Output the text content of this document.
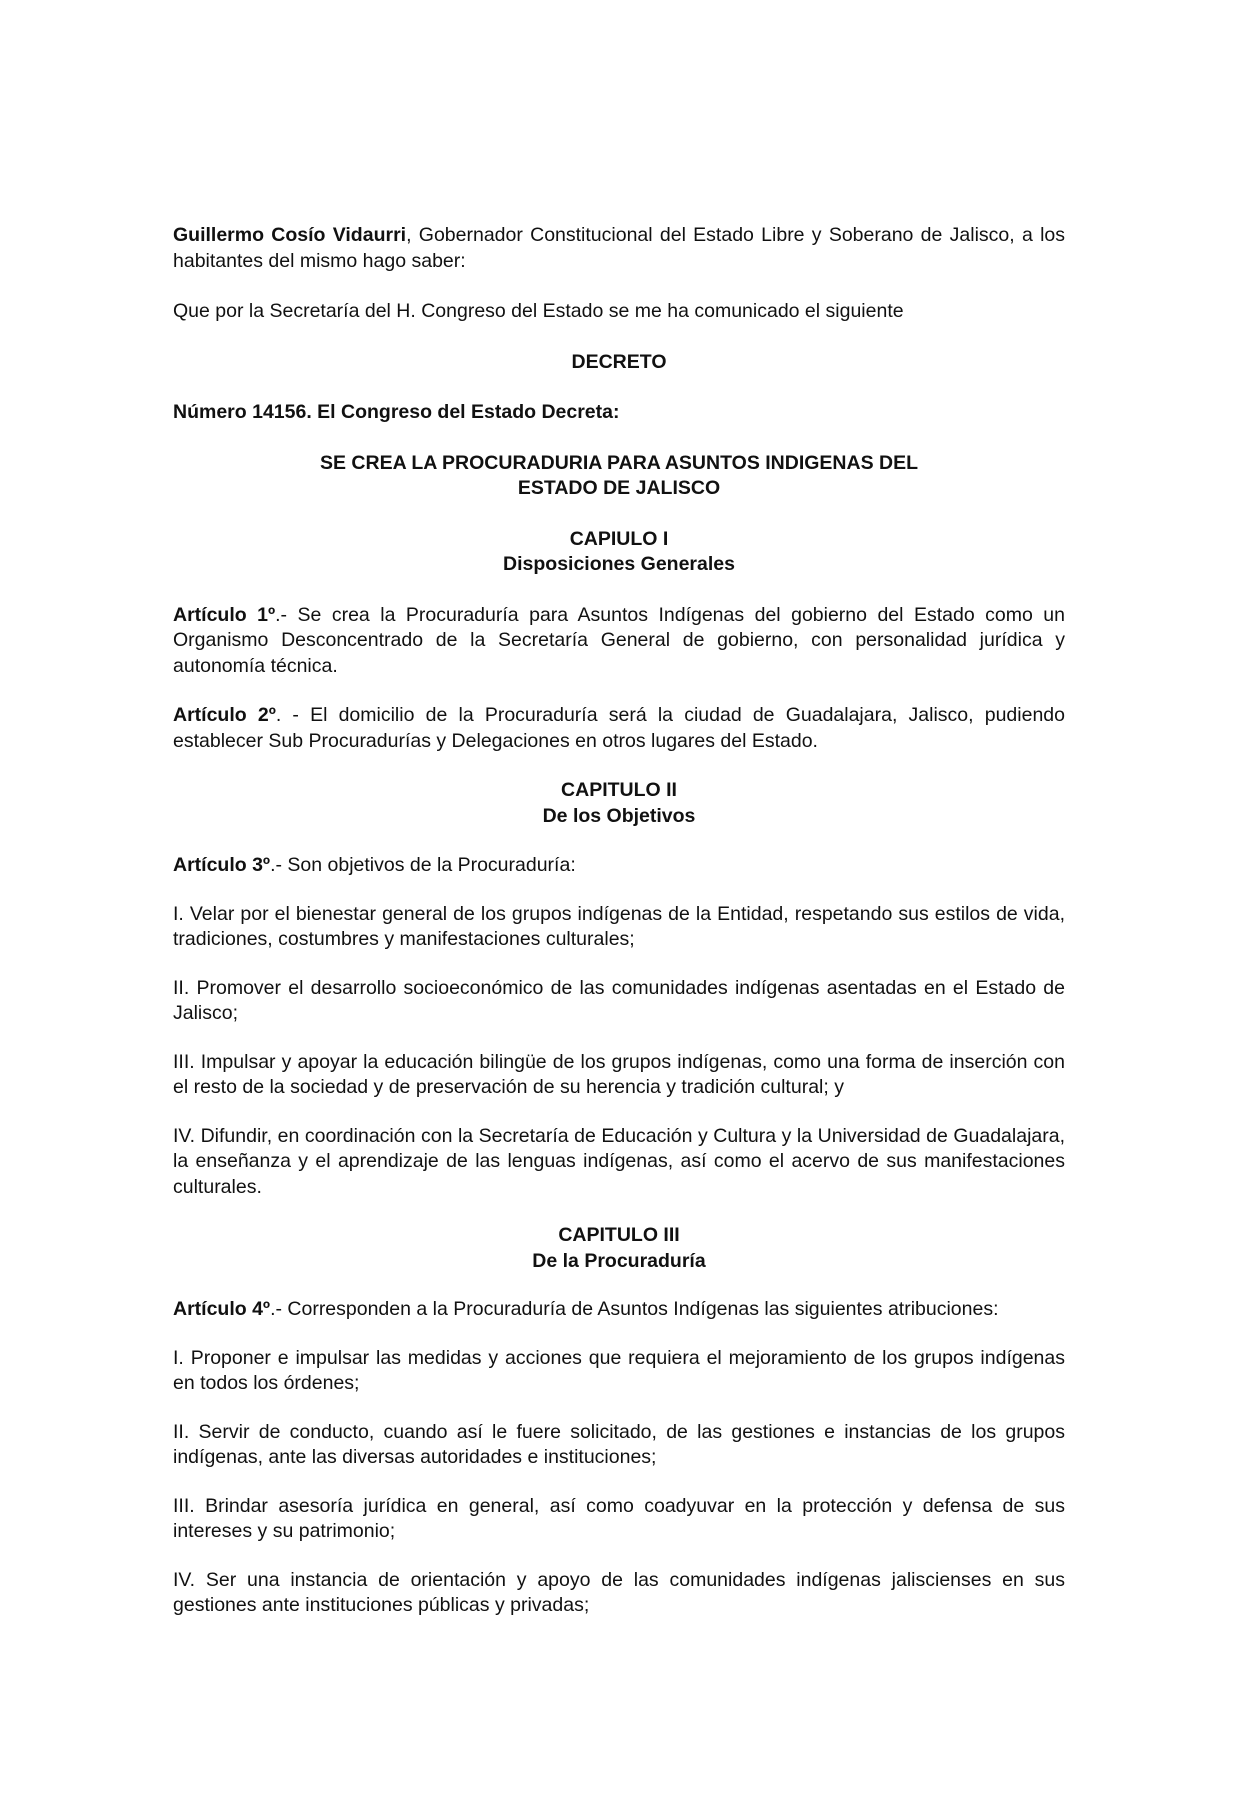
Guillermo Cosío Vidaurri, Gobernador Constitucional del Estado Libre y Soberano de Jalisco, a los habitantes del mismo hago saber:

Que por la Secretaría del H. Congreso del Estado se me ha comunicado el siguiente

DECRETO

Número 14156. El Congreso del Estado Decreta:

SE CREA LA PROCURADURIA PARA ASUNTOS INDIGENAS DEL
ESTADO DE JALISCO
CAPIULO I
Disposiciones Generales

Artículo 1º.- Se crea la Procuraduría para Asuntos Indígenas del gobierno del Estado como un Organismo Desconcentrado de la Secretaría General de gobierno, con personalidad jurídica y autonomía técnica.

Artículo 2º. - El domicilio de la Procuraduría será la ciudad de Guadalajara, Jalisco, pudiendo establecer Sub Procuradurías y Delegaciones en otros lugares del Estado.

CAPITULO II
De los Objetivos

Artículo 3º.- Son objetivos de la Procuraduría:

I. Velar por el bienestar general de los grupos indígenas de la Entidad, respetando sus estilos de vida, tradiciones, costumbres y manifestaciones culturales;

II. Promover el desarrollo socioeconómico de las comunidades indígenas asentadas en el Estado de Jalisco;

III. Impulsar y apoyar la educación bilingüe de los grupos indígenas, como una forma de inserción con el resto de la sociedad y de preservación de su herencia y tradición cultural; y

IV. Difundir, en coordinación con la Secretaría de Educación y Cultura y la Universidad de Guadalajara, la enseñanza y el aprendizaje de las lenguas indígenas, así como el acervo de sus manifestaciones culturales.

CAPITULO III
De la Procuraduría

Artículo 4º.- Corresponden a la Procuraduría de Asuntos Indígenas las siguientes atribuciones:

I. Proponer e impulsar las medidas y acciones que requiera el mejoramiento de los grupos indígenas en todos los órdenes;

II. Servir de conducto, cuando así le fuere solicitado, de las gestiones e instancias de los grupos indígenas, ante las diversas autoridades e instituciones;

III. Brindar asesoría jurídica en general, así como coadyuvar en la protección y defensa de sus intereses y su patrimonio;

IV. Ser una instancia de orientación y apoyo de las comunidades indígenas jaliscienses en sus gestiones ante instituciones públicas y privadas;
